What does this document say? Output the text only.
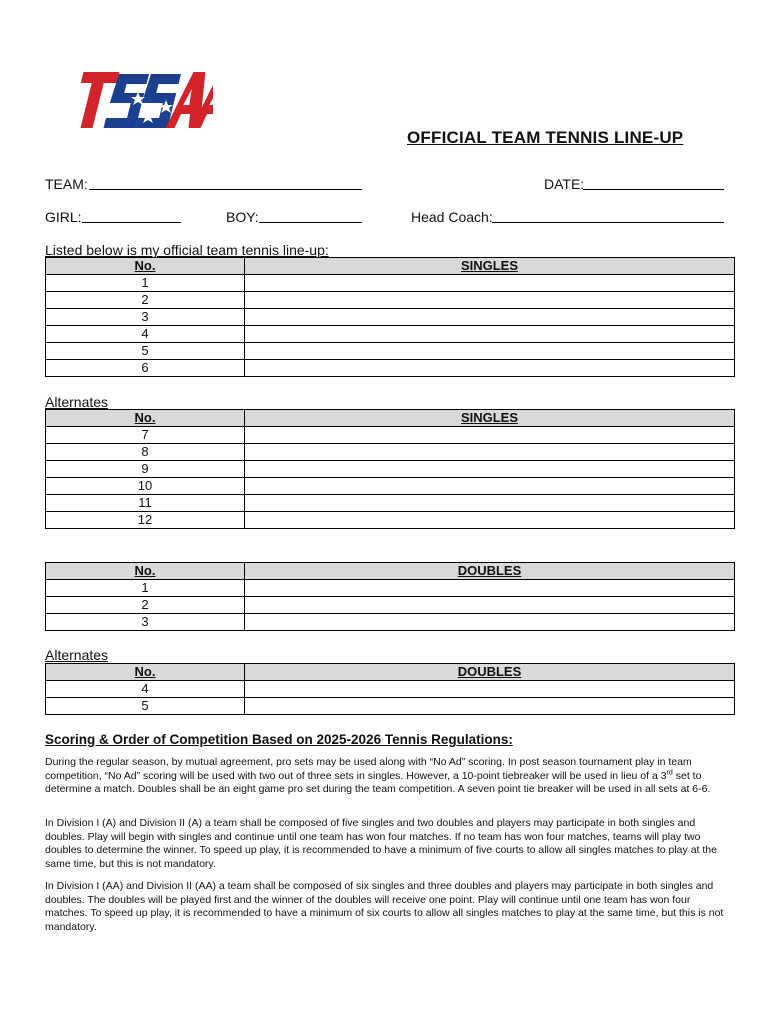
OFFICIAL TEAM TENNIS LINE-UP
TEAM:	DATE:
GIRL:	BOY:	Head Coach:
Listed below is my official team tennis line-up:
No.	SINGLES
1	
2	
3	
4	
5	
6	
Alternates
No.	SINGLES
7	
8	
9	
10	
11	
12	
No.	DOUBLES
1	
2	
3	
Alternates
No.	DOUBLES
4	
5	
Scoring & Order of Competition Based on 2025-2026 Tennis Regulations:

During the regular season, by mutual agreement, pro sets may be used along with “No Ad” scoring. In post season tournament play in team competition, “No Ad” scoring will be used with two out of three sets in singles. However, a 10-point tiebreaker will be used in lieu of a 3rd set to determine a match. Doubles shall be an eight game pro set during the team competition. A seven point tie breaker will be used in all sets at 6-6.

In Division I (A) and Division II (A) a team shall be composed of five singles and two doubles and players may participate in both singles and doubles. Play will begin with singles and continue until one team has won four matches. If no team has won four matches, teams will play two doubles to determine the winner. To speed up play, it is recommended to have a minimum of five courts to allow all singles matches to play at the same time, but this is not mandatory.

In Division I (AA) and Division II (AA) a team shall be composed of six singles and three doubles and players may participate in both singles and doubles. The doubles will be played first and the winner of the doubles will receive one point. Play will continue until one team has won four matches. To speed up play, it is recommended to have a minimum of six courts to allow all singles matches to play at the same time, but this is not mandatory.
